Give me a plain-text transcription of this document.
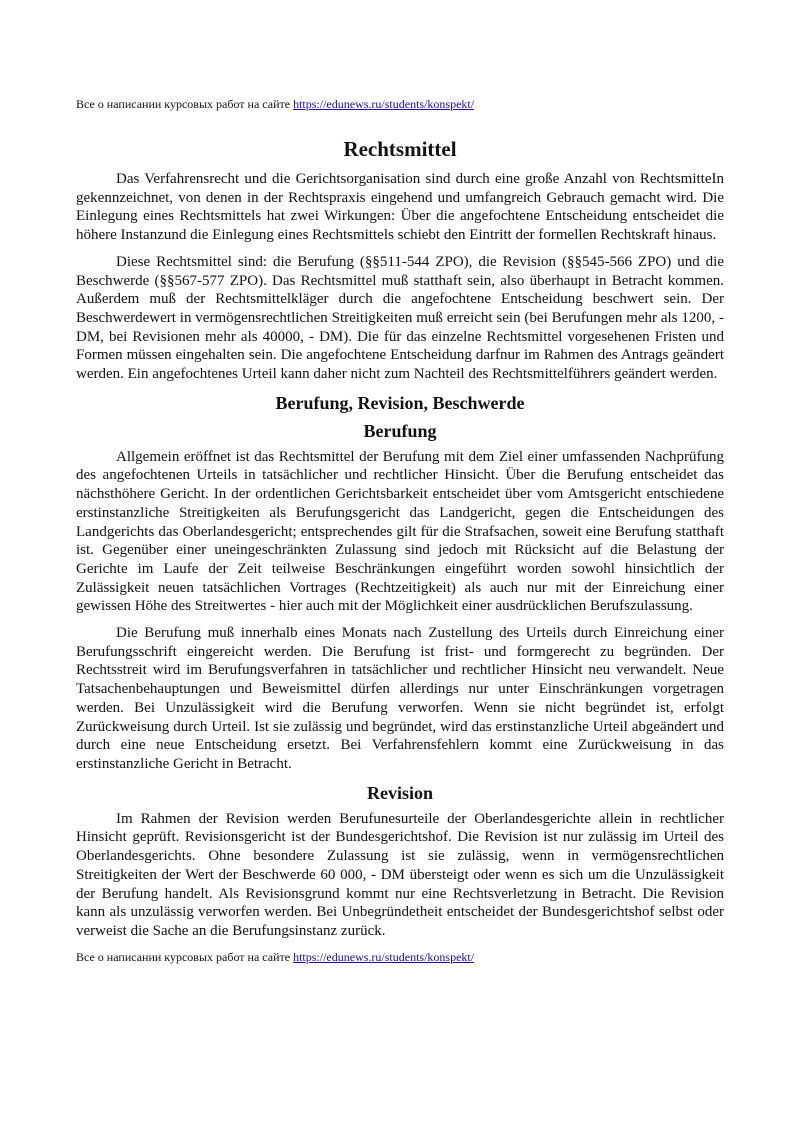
Все о написании курсовых работ на сайте https://edunews.ru/students/konspekt/

Rechtsmittel

Das Verfahrensrecht und die Gerichtsorganisation sind durch eine große Anzahl von RechtsmitteIn gekennzeichnet, von denen in der Rechtspraxis eingehend und umfangreich Gebrauch gemacht wird. Die Einlegung eines Rechtsmittels hat zwei Wirkungen: Über die angefochtene Entscheidung entscheidet die höhere Instanzund die Einlegung eines Rechtsmittels schiebt den Eintritt der formellen Rechtskraft hinaus.

Diese Rechtsmittel sind: die Berufung (§§511-544 ZPO), die Revision (§§545-566 ZPO) und die Beschwerde (§§567-577 ZPO). Das Rechtsmittel muß statthaft sein, also überhaupt in Betracht kommen. Außerdem muß der Rechtsmittelkläger durch die angefochtene Entscheidung beschwert sein. Der Beschwerdewert in vermögensrechtlichen Streitigkeiten muß erreicht sein (bei Berufungen mehr als 1200, - DM, bei Revisionen mehr als 40000, - DM). Die für das einzelne Rechtsmittel vorgesehenen Fristen und Formen müssen eingehalten sein. Die angefochtene Entscheidung darfnur im Rahmen des Antrags geändert werden. Ein angefochtenes Urteil kann daher nicht zum Nachteil des Rechtsmittelführers geändert werden.

Berufung, Revision, Beschwerde
Berufung

Allgemein eröffnet ist das Rechtsmittel der Berufung mit dem Ziel einer umfassenden Nachprüfung des angefochtenen Urteils in tatsächlicher und rechtlicher Hinsicht. Über die Berufung entscheidet das nächsthöhere Gericht. In der ordentlichen Gerichtsbarkeit entscheidet über vom Amtsgericht entschiedene erstinstanzliche Streitigkeiten als Berufungsgericht das Landgericht, gegen die Entscheidungen des Landgerichts das Oberlandesgericht; entsprechendes gilt für die Strafsachen, soweit eine Berufung statthaft ist. Gegenüber einer uneingeschränkten Zulassung sind jedoch mit Rücksicht auf die Belastung der Gerichte im Laufe der Zeit teilweise Beschränkungen eingeführt worden sowohl hinsichtlich der Zulässigkeit neuen tatsächlichen Vortrages (Rechtzeitigkeit) als auch nur mit der Einreichung einer gewissen Höhe des Streitwertes - hier auch mit der Möglichkeit einer ausdrücklichen Berufszulassung.

Die Berufung muß innerhalb eines Monats nach Zustellung des Urteils durch Einreichung einer Berufungsschrift eingereicht werden. Die Berufung ist frist- und formgerecht zu begründen. Der Rechtsstreit wird im Berufungsverfahren in tatsächlicher und rechtlicher Hinsicht neu verwandelt. Neue Tatsachenbehauptungen und Beweismittel dürfen allerdings nur unter Einschränkungen vorgetragen werden. Bei Unzulässigkeit wird die Berufung verworfen. Wenn sie nicht begründet ist, erfolgt Zurückweisung durch Urteil. Ist sie zulässig und begründet, wird das erstinstanzliche Urteil abgeändert und durch eine neue Entscheidung ersetzt. Bei Verfahrensfehlern kommt eine Zurückweisung in das erstinstanzliche Gericht in Betracht.

Revision

Im Rahmen der Revision werden Berufunesurteile der Oberlandesgerichte allein in rechtlicher Hinsicht geprüft. Revisionsgericht ist der Bundesgerichtshof. Die Revision ist nur zulässig im Urteil des Oberlandesgerichts. Ohne besondere Zulassung ist sie zulässig, wenn in vermögensrechtlichen Streitigkeiten der Wert der Beschwerde 60 000, - DM übersteigt oder wenn es sich um die Unzulässigkeit der Berufung handelt. Als Revisionsgrund kommt nur eine Rechtsverletzung in Betracht. Die Revision kann als unzulässig verworfen werden. Bei Unbegründetheit entscheidet der Bundesgerichtshof selbst oder verweist die Sache an die Berufungsinstanz zurück.

Все о написании курсовых работ на сайте https://edunews.ru/students/konspekt/
